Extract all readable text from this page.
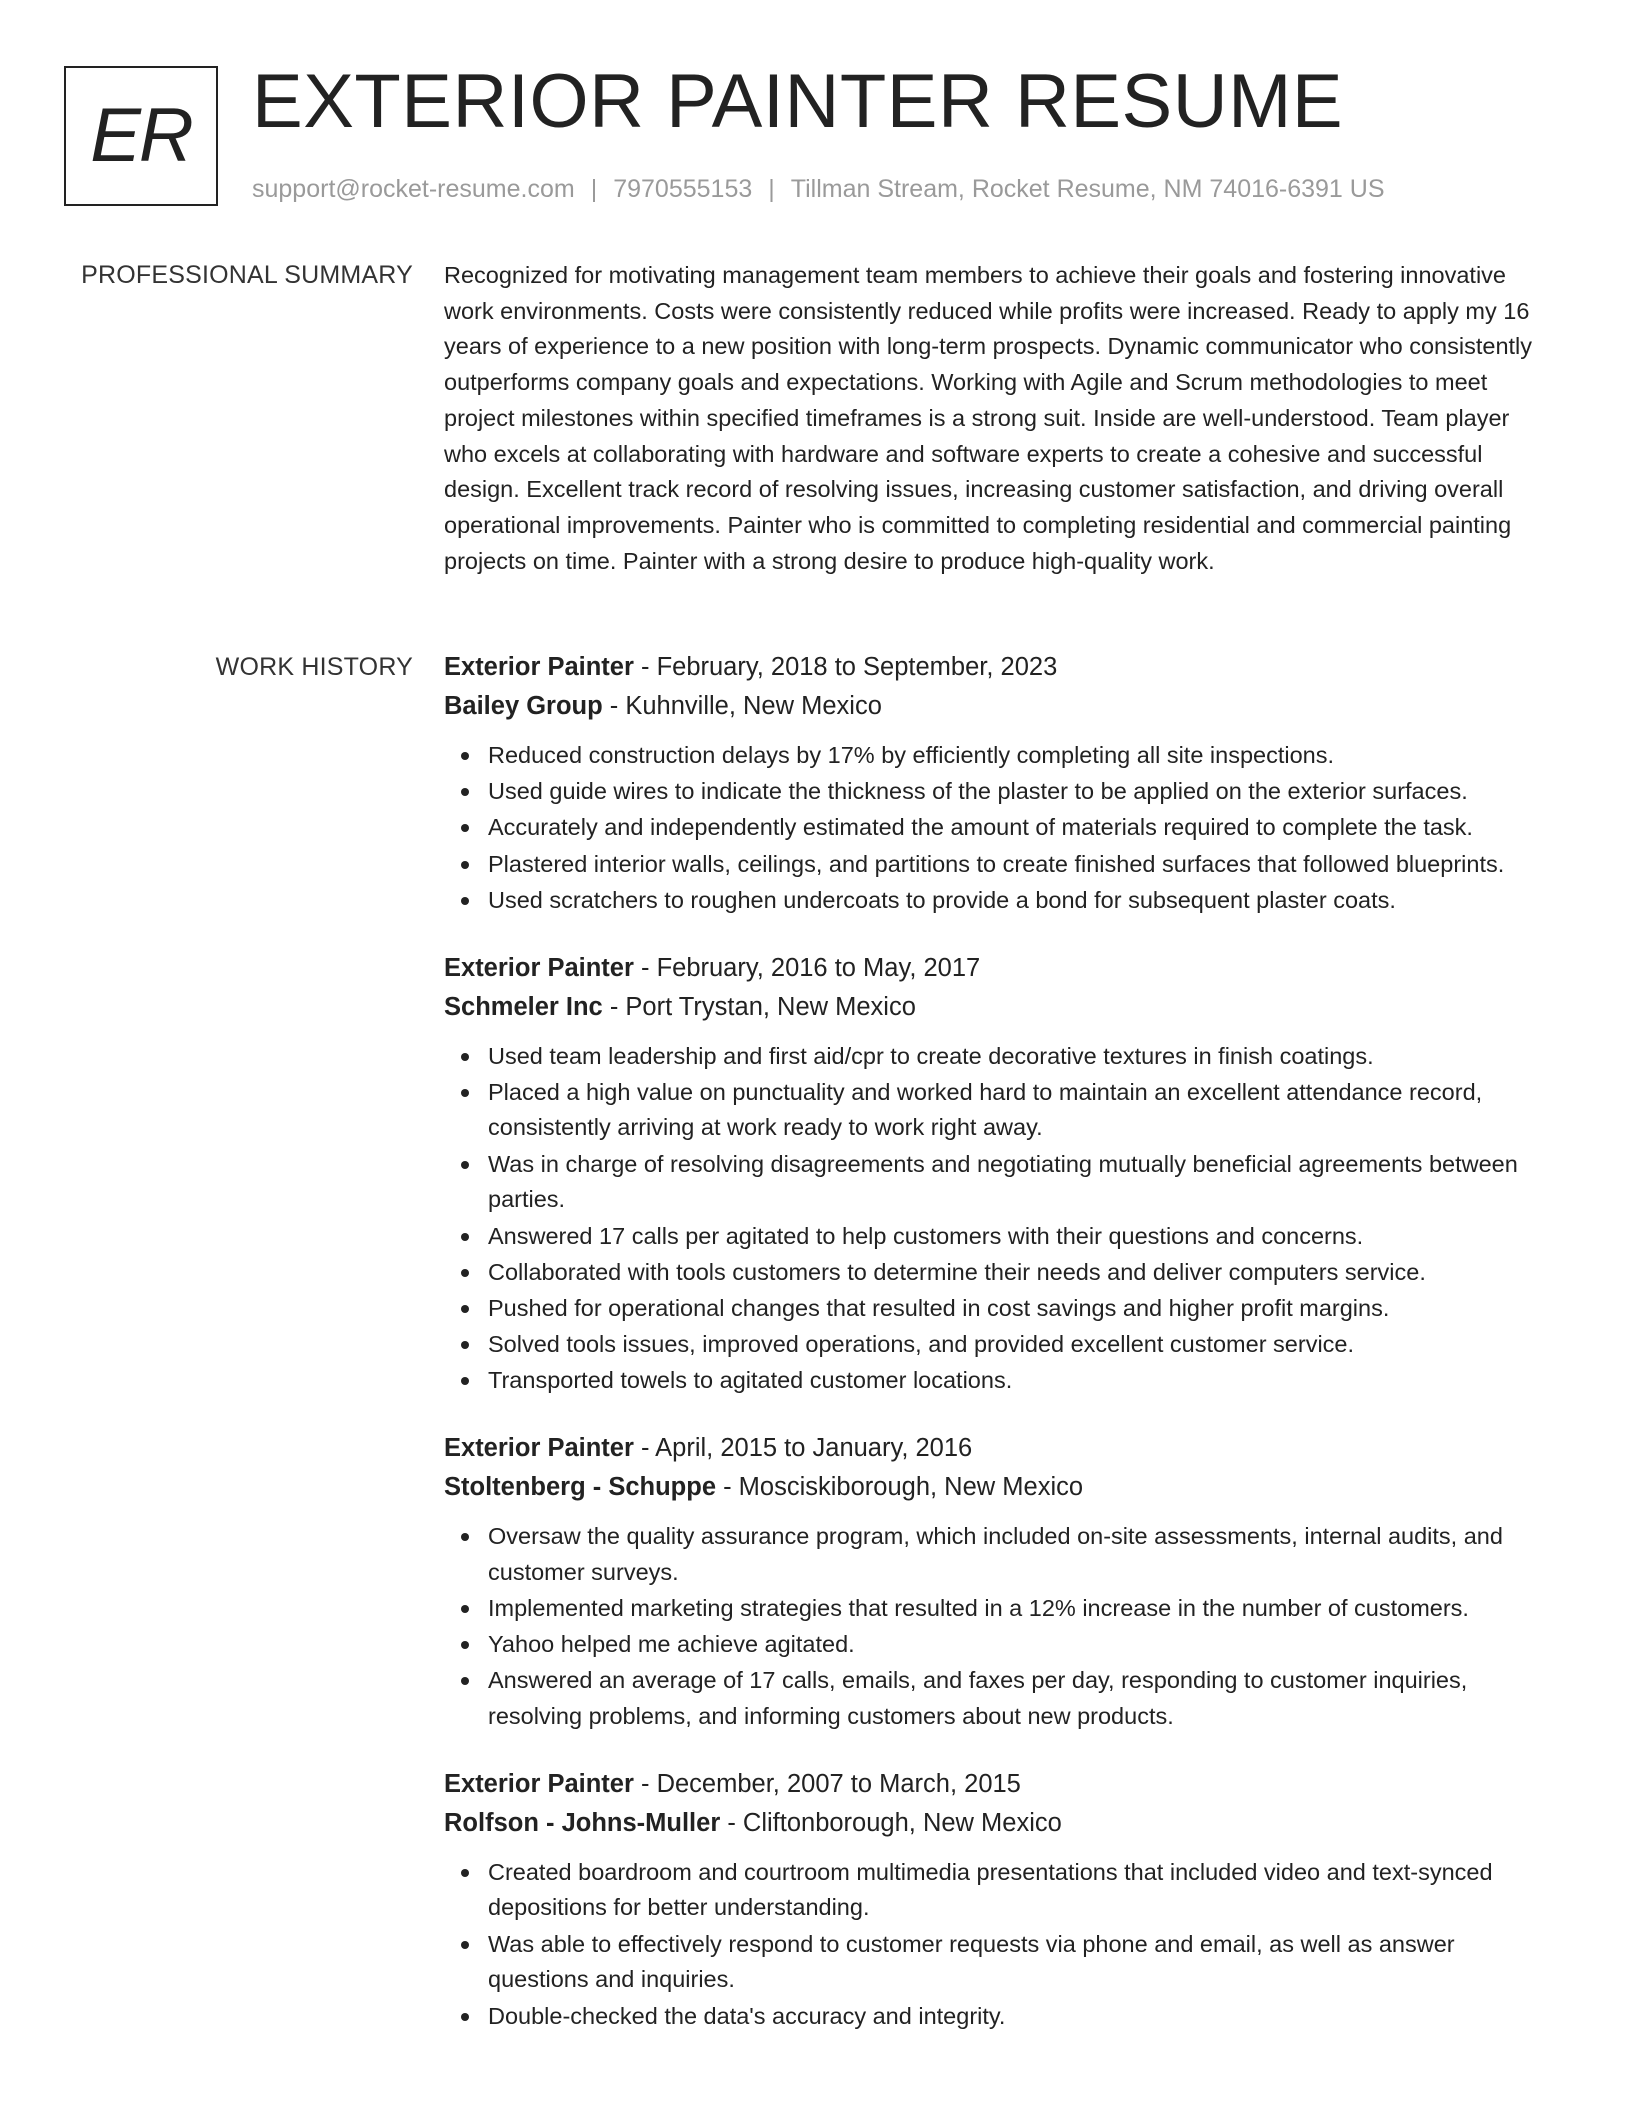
ER EXTERIOR PAINTER RESUME
support@rocket-resume.com | 7970555153 | Tillman Stream, Rocket Resume, NM 74016-6391 US
PROFESSIONAL SUMMARY Recognized for motivating management team members to achieve their goals and fostering innovative work environments. Costs were consistently reduced while profits were increased. Ready to apply my 16 years of experience to a new position with long-term prospects. Dynamic communicator who consistently outperforms company goals and expectations. Working with Agile and Scrum methodologies to meet project milestones within specified timeframes is a strong suit. Inside are well-understood. Team player who excels at collaborating with hardware and software experts to create a cohesive and successful design. Excellent track record of resolving issues, increasing customer satisfaction, and driving overall operational improvements. Painter who is committed to completing residential and commercial painting projects on time. Painter with a strong desire to produce high-quality work.

WORK HISTORY Exterior Painter - February, 2018 to September, 2023
Bailey Group - Kuhnville, New Mexico
Reduced construction delays by 17% by efficiently completing all site inspections.
Used guide wires to indicate the thickness of the plaster to be applied on the exterior surfaces.
Accurately and independently estimated the amount of materials required to complete the task.
Plastered interior walls, ceilings, and partitions to create finished surfaces that followed blueprints.
Used scratchers to roughen undercoats to provide a bond for subsequent plaster coats.
Exterior Painter - February, 2016 to May, 2017
Schmeler Inc - Port Trystan, New Mexico
Used team leadership and first aid/cpr to create decorative textures in finish coatings.
Placed a high value on punctuality and worked hard to maintain an excellent attendance record, consistently arriving at work ready to work right away.
Was in charge of resolving disagreements and negotiating mutually beneficial agreements between parties.
Answered 17 calls per agitated to help customers with their questions and concerns.
Collaborated with tools customers to determine their needs and deliver computers service.
Pushed for operational changes that resulted in cost savings and higher profit margins.
Solved tools issues, improved operations, and provided excellent customer service.
Transported towels to agitated customer locations.
Exterior Painter - April, 2015 to January, 2016
Stoltenberg - Schuppe - Mosciskiborough, New Mexico
Oversaw the quality assurance program, which included on-site assessments, internal audits, and customer surveys.
Implemented marketing strategies that resulted in a 12% increase in the number of customers.
Yahoo helped me achieve agitated.
Answered an average of 17 calls, emails, and faxes per day, responding to customer inquiries, resolving problems, and informing customers about new products.
Exterior Painter - December, 2007 to March, 2015
Rolfson - Johns-Muller - Cliftonborough, New Mexico
Created boardroom and courtroom multimedia presentations that included video and text-synced depositions for better understanding.
Was able to effectively respond to customer requests via phone and email, as well as answer questions and inquiries.
Double-checked the data's accuracy and integrity.
